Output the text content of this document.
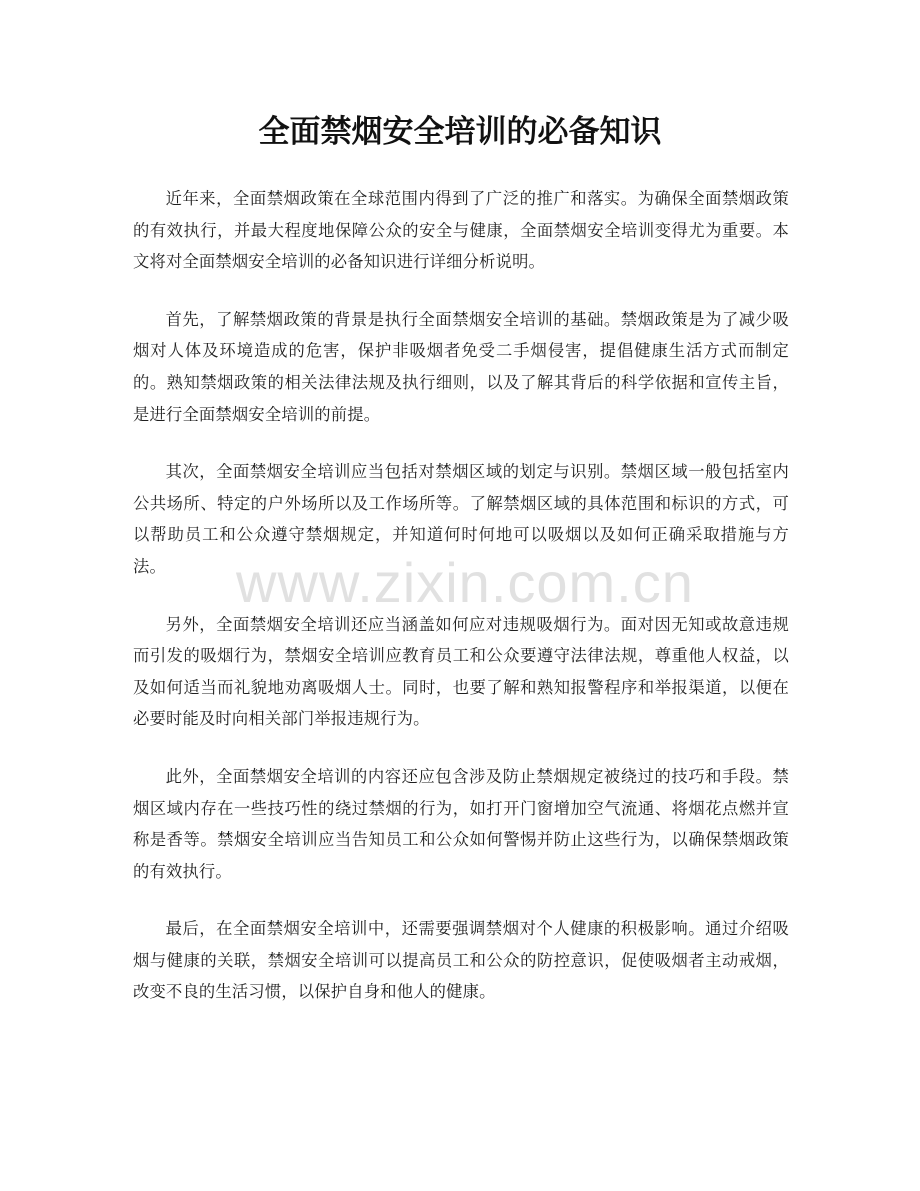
全面禁烟安全培训的必备知识

近年来，全面禁烟政策在全球范围内得到了广泛的推广和落实。为确保全面禁烟政策的有效执行，并最大程度地保障公众的安全与健康，全面禁烟安全培训变得尤为重要。本文将对全面禁烟安全培训的必备知识进行详细分析说明。

首先，了解禁烟政策的背景是执行全面禁烟安全培训的基础。禁烟政策是为了减少吸烟对人体及环境造成的危害，保护非吸烟者免受二手烟侵害，提倡健康生活方式而制定的。熟知禁烟政策的相关法律法规及执行细则，以及了解其背后的科学依据和宣传主旨，是进行全面禁烟安全培训的前提。

其次，全面禁烟安全培训应当包括对禁烟区域的划定与识别。禁烟区域一般包括室内公共场所、特定的户外场所以及工作场所等。了解禁烟区域的具体范围和标识的方式，可以帮助员工和公众遵守禁烟规定，并知道何时何地可以吸烟以及如何正确采取措施与方法。

另外，全面禁烟安全培训还应当涵盖如何应对违规吸烟行为。面对因无知或故意违规而引发的吸烟行为，禁烟安全培训应教育员工和公众要遵守法律法规，尊重他人权益，以及如何适当而礼貌地劝离吸烟人士。同时，也要了解和熟知报警程序和举报渠道，以便在必要时能及时向相关部门举报违规行为。

此外，全面禁烟安全培训的内容还应包含涉及防止禁烟规定被绕过的技巧和手段。禁烟区域内存在一些技巧性的绕过禁烟的行为，如打开门窗增加空气流通、将烟花点燃并宣称是香等。禁烟安全培训应当告知员工和公众如何警惕并防止这些行为，以确保禁烟政策的有效执行。

最后，在全面禁烟安全培训中，还需要强调禁烟对个人健康的积极影响。通过介绍吸烟与健康的关联，禁烟安全培训可以提高员工和公众的防控意识，促使吸烟者主动戒烟，改变不良的生活习惯，以保护自身和他人的健康。

www.zixin.com.cn
